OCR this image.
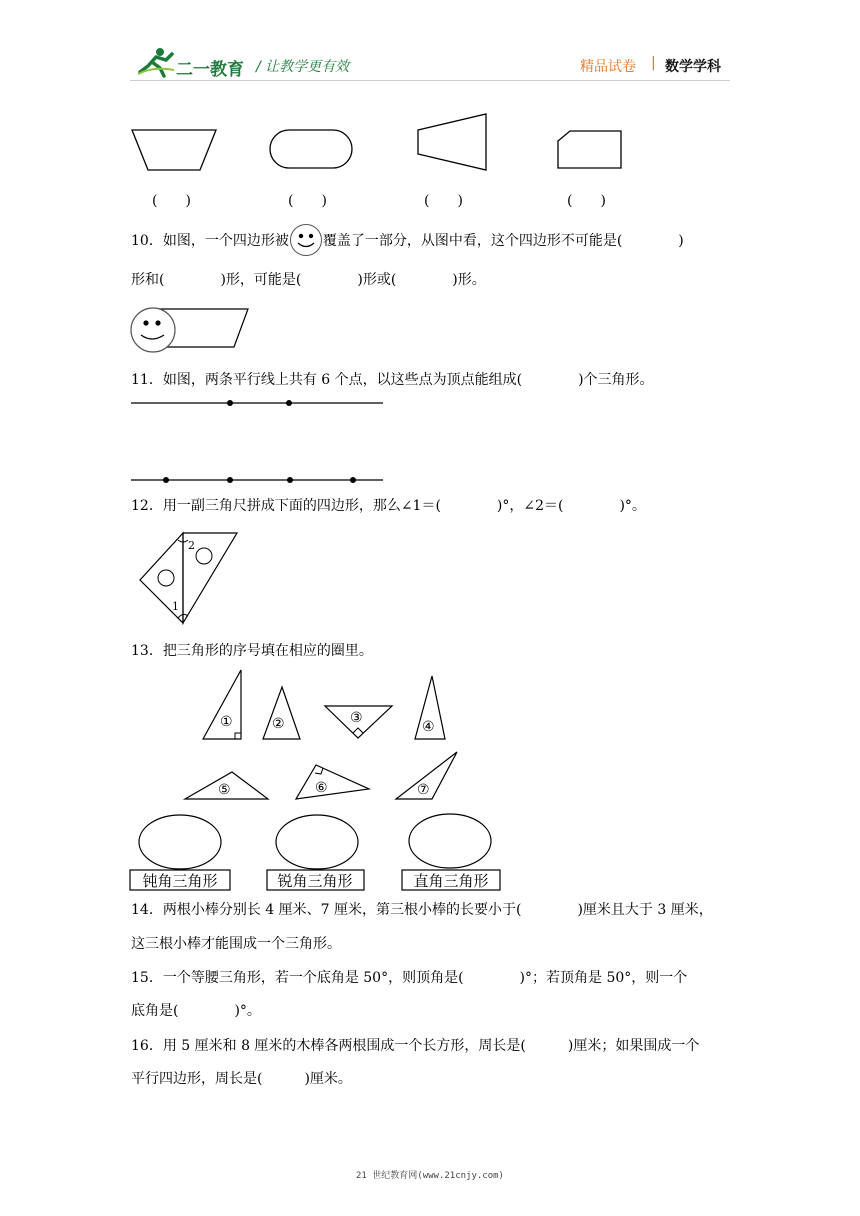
二一教育 / 让教学更有效	精品试卷 | 数学学科
(　　)	(　　)	(　　)	(　　)
10．如图，一个四边形被 覆盖了一部分，从图中看，这个四边形不可能是(　　　　)
形和(　　　　)形，可能是(　　　　)形或(　　　　)形。
11．如图，两条平行线上共有 6 个点，以这些点为顶点能组成(　　　　)个三角形。
12．用一副三角尺拼成下面的四边形，那么∠1＝(　　　　)°，∠2＝(　　　　)°。
2
1
13．把三角形的序号填在相应的圈里。
①	②	③
④
⑤	⑥	⑦
钝角三角形	锐角三角形	直角三角形
14．两根小棒分别长 4 厘米、7 厘米，第三根小棒的长要小于(　　　　)厘米且大于 3 厘米，
这三根小棒才能围成一个三角形。
15．一个等腰三角形，若一个底角是 50°，则顶角是(　　　　)°；若顶角是 50°，则一个
底角是(　　　　)°。
16．用 5 厘米和 8 厘米的木棒各两根围成一个长方形，周长是(　　　)厘米；如果围成一个
平行四边形，周长是(　　　)厘米。
21 世纪教育网(www.21cnjy.com)
